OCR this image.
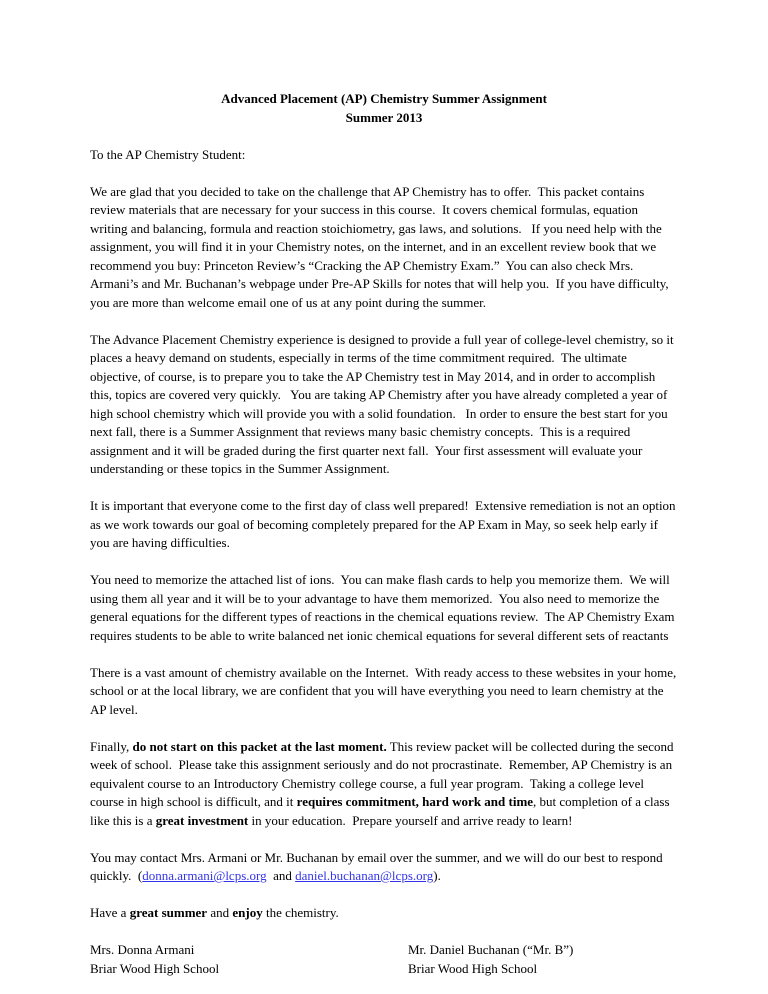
Advanced Placement (AP) Chemistry Summer Assignment
Summer 2013

To the AP Chemistry Student:

We are glad that you decided to take on the challenge that AP Chemistry has to offer.  This packet contains review materials that are necessary for your success in this course.  It covers chemical formulas, equation writing and balancing, formula and reaction stoichiometry, gas laws, and solutions.   If you need help with the assignment, you will find it in your Chemistry notes, on the internet, and in an excellent review book that we recommend you buy: Princeton Review’s “Cracking the AP Chemistry Exam.”  You can also check Mrs. Armani’s and Mr. Buchanan’s webpage under Pre-AP Skills for notes that will help you.  If you have difficulty, you are more than welcome email one of us at any point during the summer.

The Advance Placement Chemistry experience is designed to provide a full year of college-level chemistry, so it places a heavy demand on students, especially in terms of the time commitment required.  The ultimate objective, of course, is to prepare you to take the AP Chemistry test in May 2014, and in order to accomplish this, topics are covered very quickly.   You are taking AP Chemistry after you have already completed a year of high school chemistry which will provide you with a solid foundation.   In order to ensure the best start for you next fall, there is a Summer Assignment that reviews many basic chemistry concepts.  This is a required assignment and it will be graded during the first quarter next fall.  Your first assessment will evaluate your understanding or these topics in the Summer Assignment.

It is important that everyone come to the first day of class well prepared!  Extensive remediation is not an option as we work towards our goal of becoming completely prepared for the AP Exam in May, so seek help early if you are having difficulties.

You need to memorize the attached list of ions.  You can make flash cards to help you memorize them.  We will using them all year and it will be to your advantage to have them memorized.  You also need to memorize the general equations for the different types of reactions in the chemical equations review.  The AP Chemistry Exam requires students to be able to write balanced net ionic chemical equations for several different sets of reactants

There is a vast amount of chemistry available on the Internet.  With ready access to these websites in your home, school or at the local library, we are confident that you will have everything you need to learn chemistry at the AP level.

Finally, do not start on this packet at the last moment. This review packet will be collected during the second week of school.  Please take this assignment seriously and do not procrastinate.  Remember, AP Chemistry is an equivalent course to an Introductory Chemistry college course, a full year program.  Taking a college level course in high school is difficult, and it requires commitment, hard work and time, but completion of a class like this is a great investment in your education.  Prepare yourself and arrive ready to learn!

You may contact Mrs. Armani or Mr. Buchanan by email over the summer, and we will do our best to respond quickly.  (donna.armani@lcps.org  and daniel.buchanan@lcps.org).

Have a great summer and enjoy the chemistry.

Mrs. Donna Armani	Mr. Daniel Buchanan (“Mr. B”)
Briar Wood High School	Briar Wood High School
